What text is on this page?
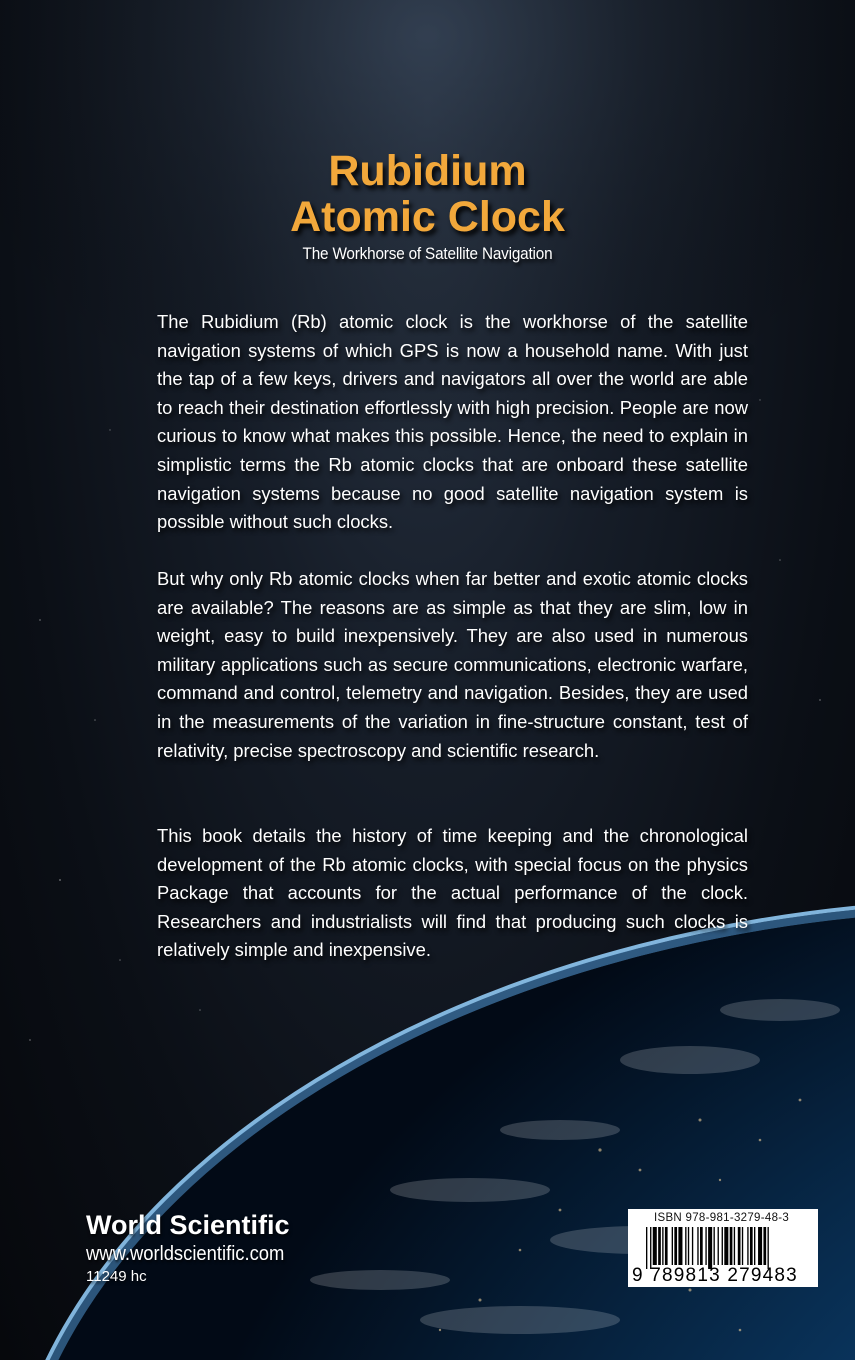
Rubidium
Atomic Clock
The Workhorse of Satellite Navigation

The Rubidium (Rb) atomic clock is the workhorse of the satellite navigation systems of which GPS is now a household name. With just the tap of a few keys, drivers and navigators all over the world are able to reach their destination effortlessly with high precision. People are now curious to know what makes this possible. Hence, the need to explain in simplistic terms the Rb atomic clocks that are onboard these satellite navigation systems because no good satellite navigation system is possible without such clocks.

But why only Rb atomic clocks when far better and exotic atomic clocks are available? The reasons are as simple as that they are slim, low in weight, easy to build inexpensively. They are also used in numerous military applications such as secure communications, electronic warfare, command and control, telemetry and navigation. Besides, they are used in the measurements of the variation in fine-structure constant, test of relativity, precise spectroscopy and scientific research.

This book details the history of time keeping and the chronological development of the Rb atomic clocks, with special focus on the physics Package that accounts for the actual performance of the clock. Researchers and industrialists will find that producing such clocks is relatively simple and inexpensive.

World Scientific
www.worldscientific.com
11249 hc
ISBN 978-981-3279-48-3
9 789813 279483
